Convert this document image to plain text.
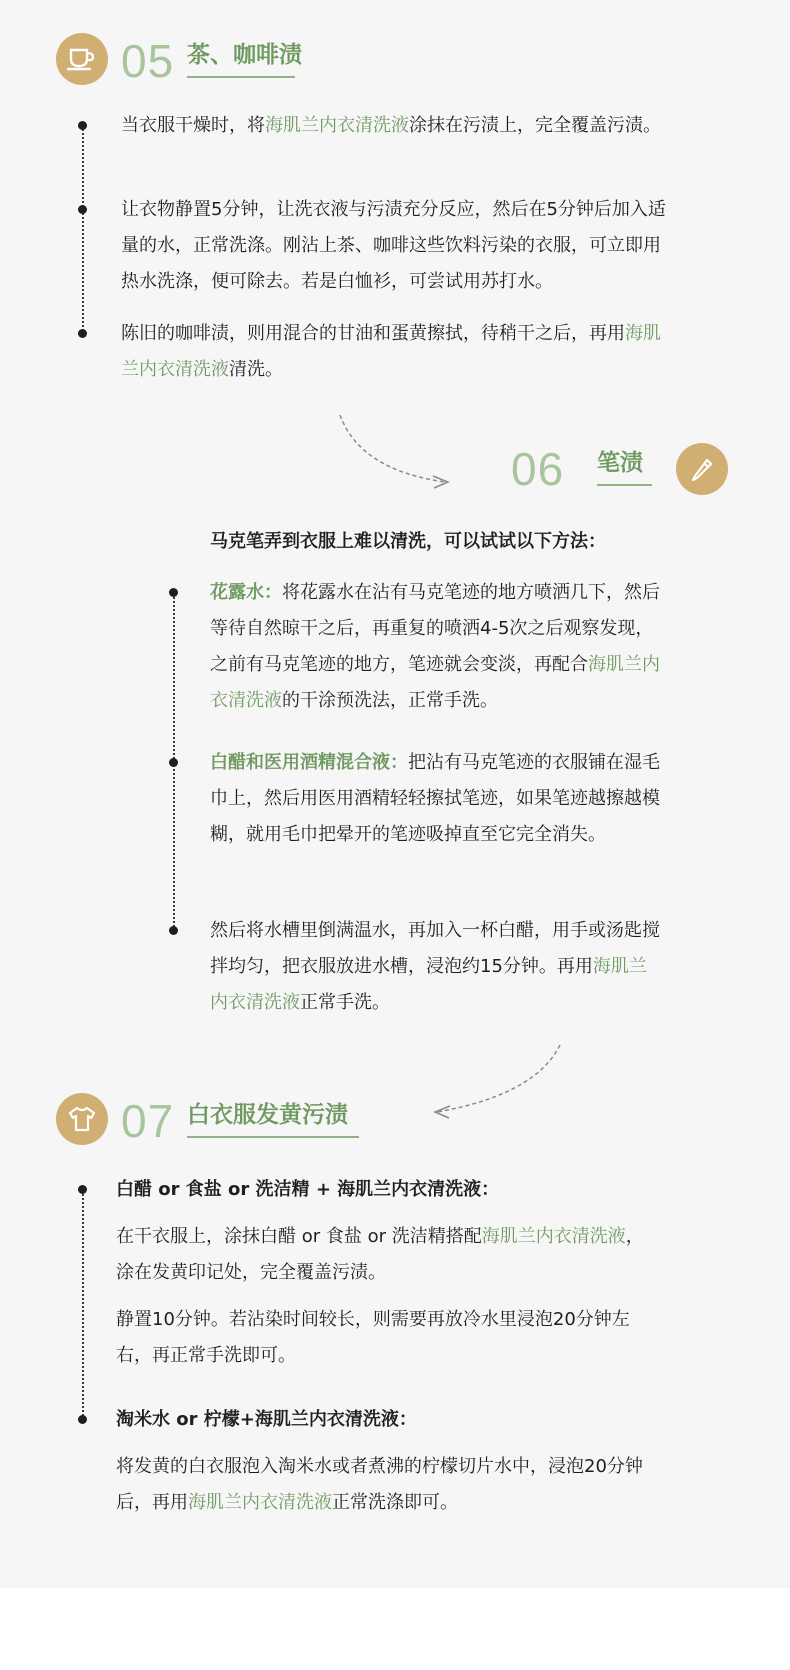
05 茶、咖啡渍

当衣服干燥时，将海肌兰内衣清洗液涂抹在污渍上，完全覆盖污渍。

让衣物静置5分钟，让洗衣液与污渍充分反应，然后在5分钟后加入适量的水，正常洗涤。刚沾上茶、咖啡这些饮料污染的衣服，可立即用热水洗涤，便可除去。若是白恤衫，可尝试用苏打水。

陈旧的咖啡渍，则用混合的甘油和蛋黄擦拭，待稍干之后，再用海肌兰内衣清洗液清洗。

06 笔渍

马克笔弄到衣服上难以清洗，可以试试以下方法：

花露水：将花露水在沾有马克笔迹的地方喷洒几下，然后等待自然晾干之后，再重复的喷洒4-5次之后观察发现，之前有马克笔迹的地方，笔迹就会变淡，再配合海肌兰内衣清洗液的干涂预洗法，正常手洗。

白醋和医用酒精混合液：把沾有马克笔迹的衣服铺在湿毛巾上，然后用医用酒精轻轻擦拭笔迹，如果笔迹越擦越模糊，就用毛巾把晕开的笔迹吸掉直至它完全消失。

然后将水槽里倒满温水，再加入一杯白醋，用手或汤匙搅拌均匀，把衣服放进水槽，浸泡约15分钟。再用海肌兰内衣清洗液正常手洗。

07 白衣服发黄污渍

白醋 or 食盐 or 洗洁精 + 海肌兰内衣清洗液：

在干衣服上，涂抹白醋 or 食盐 or 洗洁精搭配海肌兰内衣清洗液，涂在发黄印记处，完全覆盖污渍。

静置10分钟。若沾染时间较长，则需要再放冷水里浸泡20分钟左右，再正常手洗即可。

淘米水 or 柠檬+海肌兰内衣清洗液：

将发黄的白衣服泡入淘米水或者煮沸的柠檬切片水中，浸泡20分钟后，再用海肌兰内衣清洗液正常洗涤即可。
